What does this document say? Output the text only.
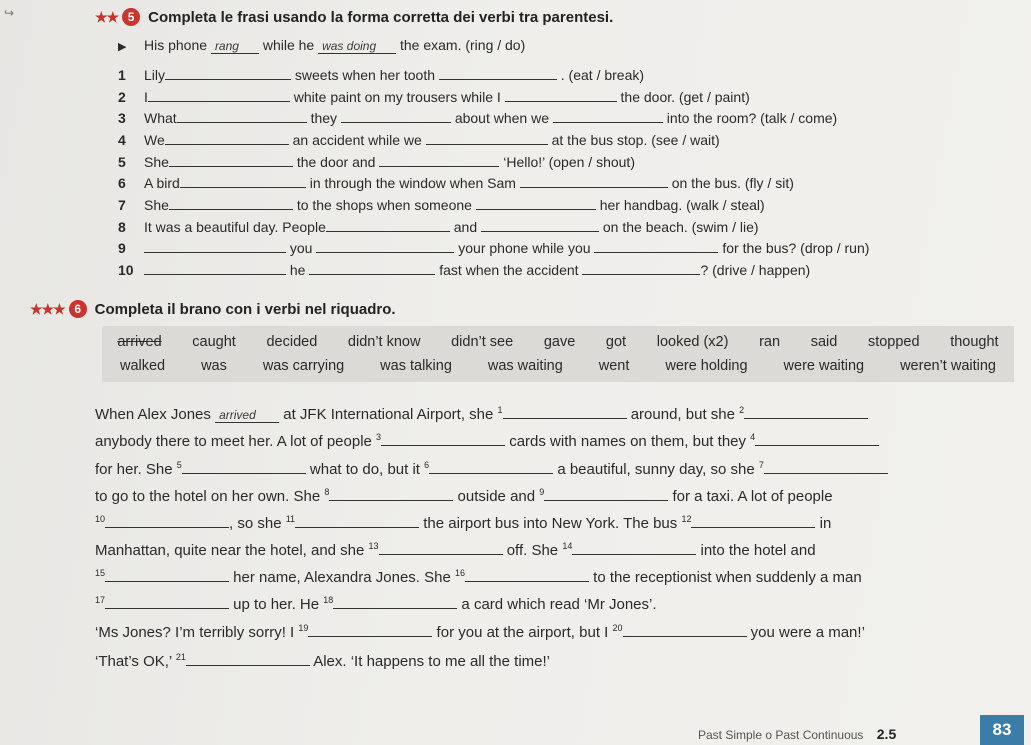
↪	★★ 5 Completa le frasi usando la forma corretta dei verbi tra parentesi.
▶ His phone rang while he was doing the exam. (ring / do)
1 Lily	sweets when her tooth	. (eat / break)
2 I	white paint on my trousers while I	the door. (get / paint)
3 What	they	about when we	into the room? (talk / come)
4 We	an accident while we	at the bus stop. (see / wait)
5 She	the door and	‘Hello!’ (open / shout)
6 A bird	in through the window when Sam	on the bus. (fly / sit)
7 She	to the shops when someone	her handbag. (walk / steal)
8 It was a beautiful day. People	and	on the beach. (swim / lie)
9	you	your phone while you	for the bus? (drop / run)
10	he	fast when the accident	? (drive / happen)
★★★ 6 Completa il brano con i verbi nel riquadro.
arrived caught decided didn’t know didn’t see gave got looked (x2) ran said stopped thought
walked was was carrying was talking was waiting went were holding were waiting weren’t waiting
When Alex Jones arrived at JFK International Airport, she $^1$	around, but she $^2$
anybody there to meet her. A lot of people $^3$	cards with names on them, but they $^4$
for her. She $^5$	what to do, but it $^6$	a beautiful, sunny day, so she $^7$
to go to the hotel on her own. She $^8$	outside and $^9$	for a taxi. A lot of people
$^{10}$	, so she $^{11}$	the airport bus into New York. The bus $^{12}$	in
Manhattan, quite near the hotel, and she $^{13}$	off. She $^{14}$	into the hotel and
$^{15}$	her name, Alexandra Jones. She $^{16}$	to the receptionist when suddenly a man
$^{17}$	up to her. He $^{18}$	a card which read ‘Mr Jones’.
‘Ms Jones? I’m terribly sorry! I $^{19}$	for you at the airport, but I $^{20}$	you were a man!’
‘That’s OK,’ $^{21}$	Alex. ‘It happens to me all the time!’
Past Simple o Past Continuous 2.5	83
